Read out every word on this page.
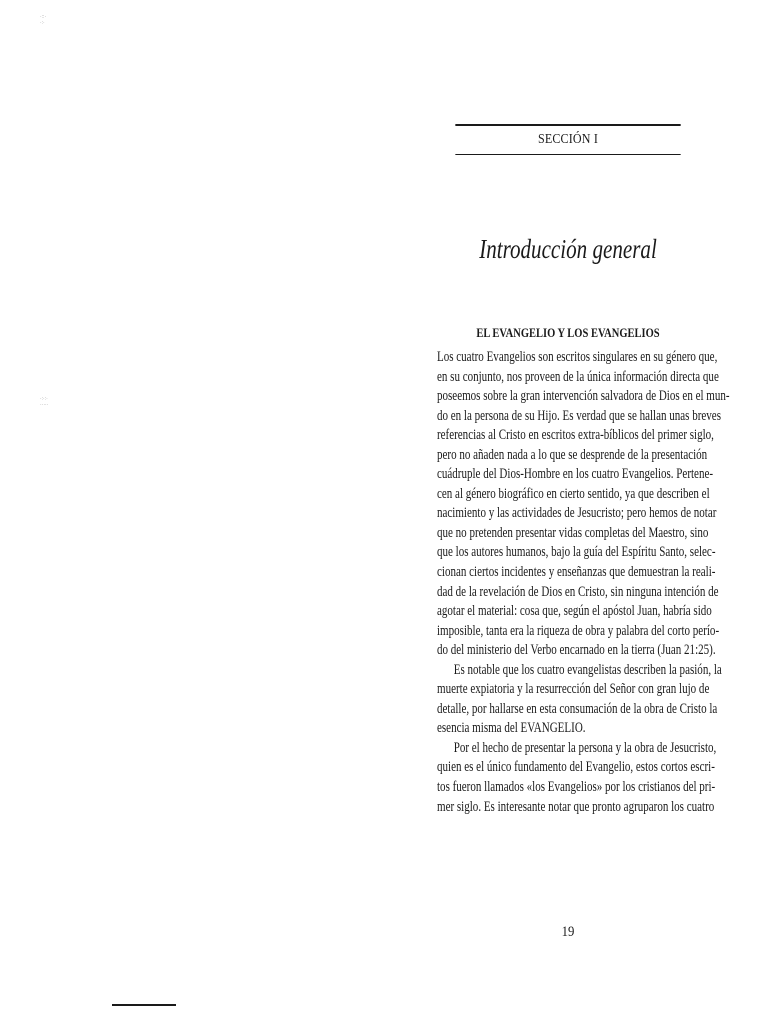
·::·
·:·
·:·:·
·····
SECCIÓN I
Introducción general
EL EVANGELIO Y LOS EVANGELIOS
Los cuatro Evangelios son escritos singulares en su género que,
en su conjunto, nos proveen de la única información directa que
poseemos sobre la gran intervención salvadora de Dios en el mun-
do en la persona de su Hijo. Es verdad que se hallan unas breves
referencias al Cristo en escritos extra-bíblicos del primer siglo,
pero no añaden nada a lo que se desprende de la presentación
cuádruple del Dios-Hombre en los cuatro Evangelios. Pertene-
cen al género biográfico en cierto sentido, ya que describen el
nacimiento y las actividades de Jesucristo; pero hemos de notar
que no pretenden presentar vidas completas del Maestro, sino
que los autores humanos, bajo la guía del Espíritu Santo, selec-
cionan ciertos incidentes y enseñanzas que demuestran la reali-
dad de la revelación de Dios en Cristo, sin ninguna intención de
agotar el material: cosa que, según el apóstol Juan, habría sido
imposible, tanta era la riqueza de obra y palabra del corto perío-
do del ministerio del Verbo encarnado en la tierra (Juan 21:25).
Es notable que los cuatro evangelistas describen la pasión, la
muerte expiatoria y la resurrección del Señor con gran lujo de
detalle, por hallarse en esta consumación de la obra de Cristo la
esencia misma del EVANGELIO.
Por el hecho de presentar la persona y la obra de Jesucristo,
quien es el único fundamento del Evangelio, estos cortos escri-
tos fueron llamados «los Evangelios» por los cristianos del pri-
mer siglo. Es interesante notar que pronto agruparon los cuatro
19
